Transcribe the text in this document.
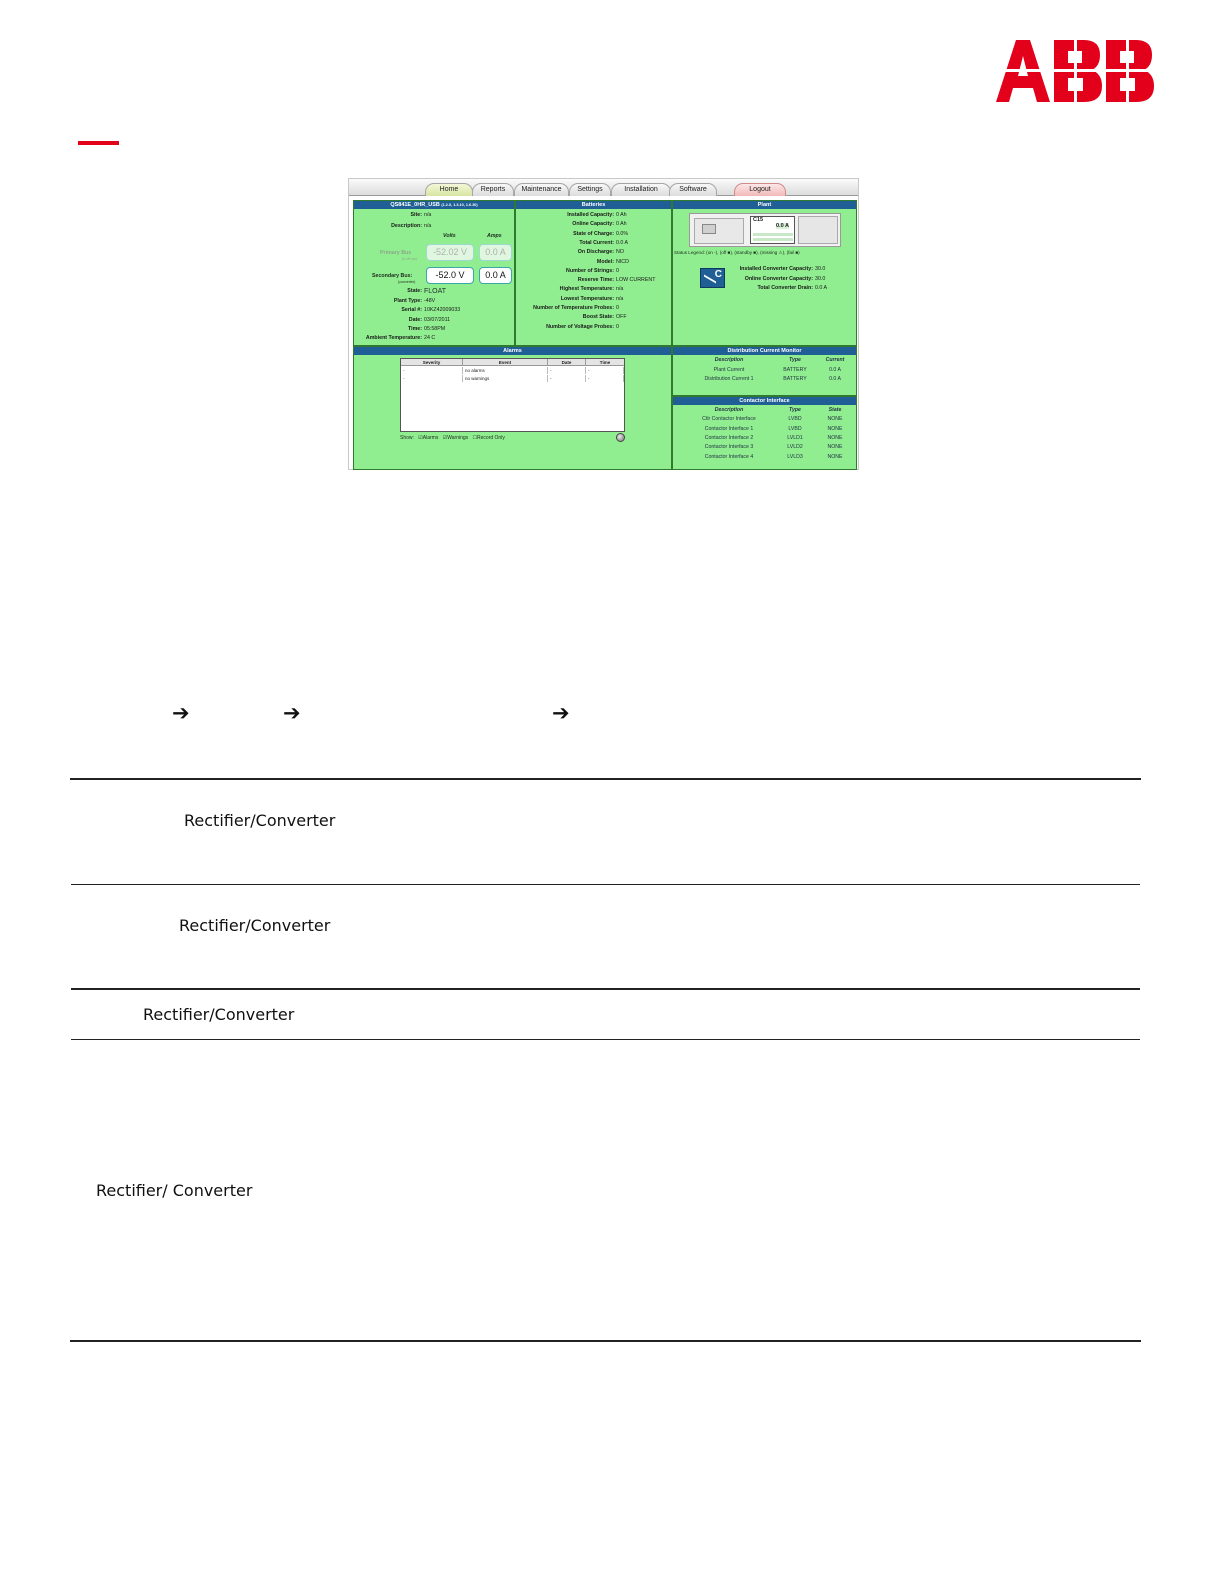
Home	Reports	Maintenance	Settings	Installation	Software	Logout
QS841E_0HR_USB (1.2.0, 1.3.10, 1.6.30)
Site: n/a
Description: n/a
Volts	Amps
Primary Bus
(n-off sw)
-52.02 V	0.0 A
Secondary Bus:
(converter)
-52.0 V	0.0 A
State: FLOAT
Plant Type: -48V
Serial #: 10KZ42009033
Date: 03/07/2011
Time: 05:58PM
Ambient Temperature: 24 C
Batteries
Installed Capacity: 0 Ah
Online Capacity: 0 Ah
State of Charge: 0.0%
Total Current: 0.0 A
On Discharge: NO
Model: NICD
Number of Strings: 0
Reserve Time: LOW CURRENT
Highest Temperature: n/a
Lowest Temperature: n/a
Number of Temperature Probes: 0
Boost State: OFF
Number of Voltage Probes: 0
Plant
C15
0.0 A
Status Legend: (on -), (off ■), (standby ■), (missing ⚠), (fail ■)
C	Installed Converter Capacity: 30.0
Online Converter Capacity: 30.0
Total Converter Drain: 0.0 A
Alarms
Severity	Event	Date	Time
-	no alarms	-	-
-	no warnings	-	-
Show: ☑Alarms ☑Warnings ☐Record Only
Distribution Current Monitor
Description	Type	Current
Plant Current	BATTERY	0.0 A
Distribution Current 1	BATTERY	0.0 A
Contactor Interface
Description	Type	State
Ctlr Contactor Interface	LVBD	NONE
Contactor Interface 1	LVBD	NONE
Contactor Interface 2	LVLD1	NONE
Contactor Interface 3	LVLD2	NONE
Contactor Interface 4	LVLD3	NONE
➔	➔	➔
Rectifier/Converter
Rectifier/Converter
Rectifier/Converter
Rectifier/ Converter
